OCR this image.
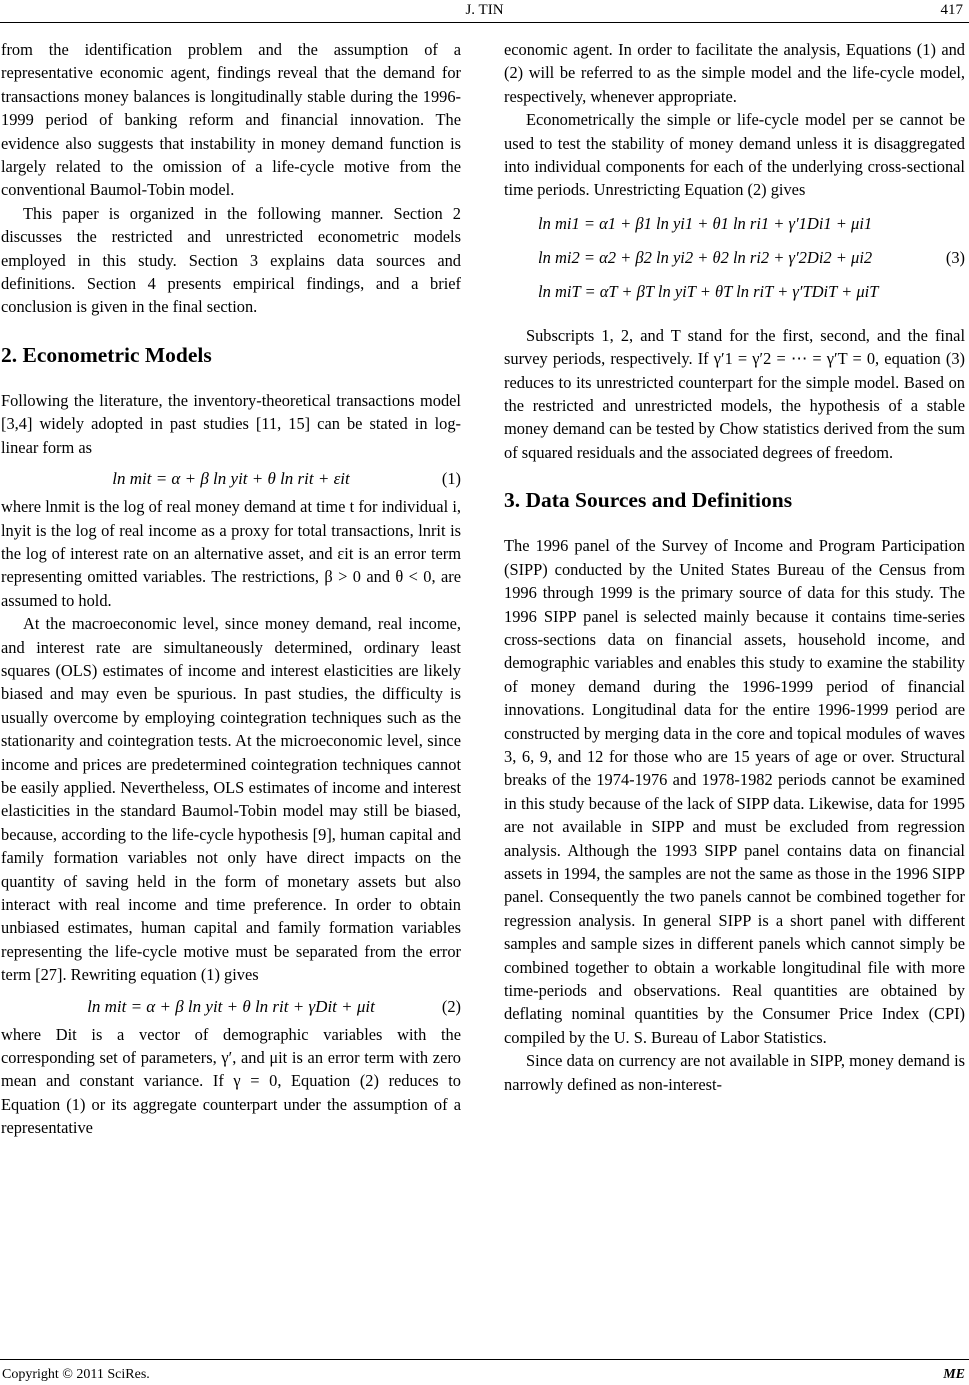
J. TIN	417

from the identification problem and the assumption of a representative economic agent, findings reveal that the demand for transactions money balances is longitudinally stable during the 1996-1999 period of banking reform and financial innovation. The evidence also suggests that instability in money demand function is largely related to the omission of a life-cycle motive from the conventional Baumol-Tobin model.

This paper is organized in the following manner. Section 2 discusses the restricted and unrestricted econometric models employed in this study. Section 3 explains data sources and definitions. Section 4 presents empirical findings, and a brief conclusion is given in the final section.

2. Econometric Models

Following the literature, the inventory-theoretical transactions model [3,4] widely adopted in past studies [11, 15] can be stated in log-linear form as

ln mit = α + β ln yit + θ ln rit + εit	(1)

where lnmit is the log of real money demand at time t for individual i, lnyit is the log of real income as a proxy for total transactions, lnrit is the log of interest rate on an alternative asset, and εit is an error term representing omitted variables. The restrictions, β > 0 and θ < 0, are assumed to hold.

At the macroeconomic level, since money demand, real income, and interest rate are simultaneously determined, ordinary least squares (OLS) estimates of income and interest elasticities are likely biased and may even be spurious. In past studies, the difficulty is usually overcome by employing cointegration techniques such as the stationarity and cointegration tests. At the microeconomic level, since income and prices are predetermined cointegration techniques cannot be easily applied. Nevertheless, OLS estimates of income and interest elasticities in the standard Baumol-Tobin model may still be biased, because, according to the life-cycle hypothesis [9], human capital and family formation variables not only have direct impacts on the quantity of saving held in the form of monetary assets but also interact with real income and time preference. In order to obtain unbiased estimates, human capital and family formation variables representing the life-cycle motive must be separated from the error term [27]. Rewriting equation (1) gives

ln mit = α + β ln yit + θ ln rit + γDit + μit	(2)

where Dit is a vector of demographic variables with the corresponding set of parameters, γ′, and μit is an error term with zero mean and constant variance. If γ = 0, Equation (2) reduces to Equation (1) or its aggregate counterpart under the assumption of a representative

economic agent. In order to facilitate the analysis, Equations (1) and (2) will be referred to as the simple model and the life-cycle model, respectively, whenever appropriate.

Econometrically the simple or life-cycle model per se cannot be used to test the stability of money demand unless it is disaggregated into individual components for each of the underlying cross-sectional time periods. Unrestricting Equation (2) gives

ln mi1 = α1 + β1 ln yi1 + θ1 ln ri1 + γ′1Di1 + μi1
ln mi2 = α2 + β2 ln yi2 + θ2 ln ri2 + γ′2Di2 + μi2
ln miT = αT + βT ln yiT + θT ln riT + γ′TDiT + μiT
(3)

Subscripts 1, 2, and T stand for the first, second, and the final survey periods, respectively. If γ′1 = γ′2 = ⋯ = γ′T = 0, equation (3) reduces to its unrestricted counterpart for the simple model. Based on the restricted and unrestricted models, the hypothesis of a stable money demand can be tested by Chow statistics derived from the sum of squared residuals and the associated degrees of freedom.

3. Data Sources and Definitions

The 1996 panel of the Survey of Income and Program Participation (SIPP) conducted by the United States Bureau of the Census from 1996 through 1999 is the primary source of data for this study. The 1996 SIPP panel is selected mainly because it contains time-series cross-sections data on financial assets, household income, and demographic variables and enables this study to examine the stability of money demand during the 1996-1999 period of financial innovations. Longitudinal data for the entire 1996-1999 period are constructed by merging data in the core and topical modules of waves 3, 6, 9, and 12 for those who are 15 years of age or over. Structural breaks of the 1974-1976 and 1978-1982 periods cannot be examined in this study because of the lack of SIPP data. Likewise, data for 1995 are not available in SIPP and must be excluded from regression analysis. Although the 1993 SIPP panel contains data on financial assets in 1994, the samples are not the same as those in the 1996 SIPP panel. Consequently the two panels cannot be combined together for regression analysis. In general SIPP is a short panel with different samples and sample sizes in different panels which cannot simply be combined together to obtain a workable longitudinal file with more time-periods and observations. Real quantities are obtained by deflating nominal quantities by the Consumer Price Index (CPI) compiled by the U. S. Bureau of Labor Statistics.

Since data on currency are not available in SIPP, money demand is narrowly defined as non-interest-

Copyright © 2011 SciRes.	ME
